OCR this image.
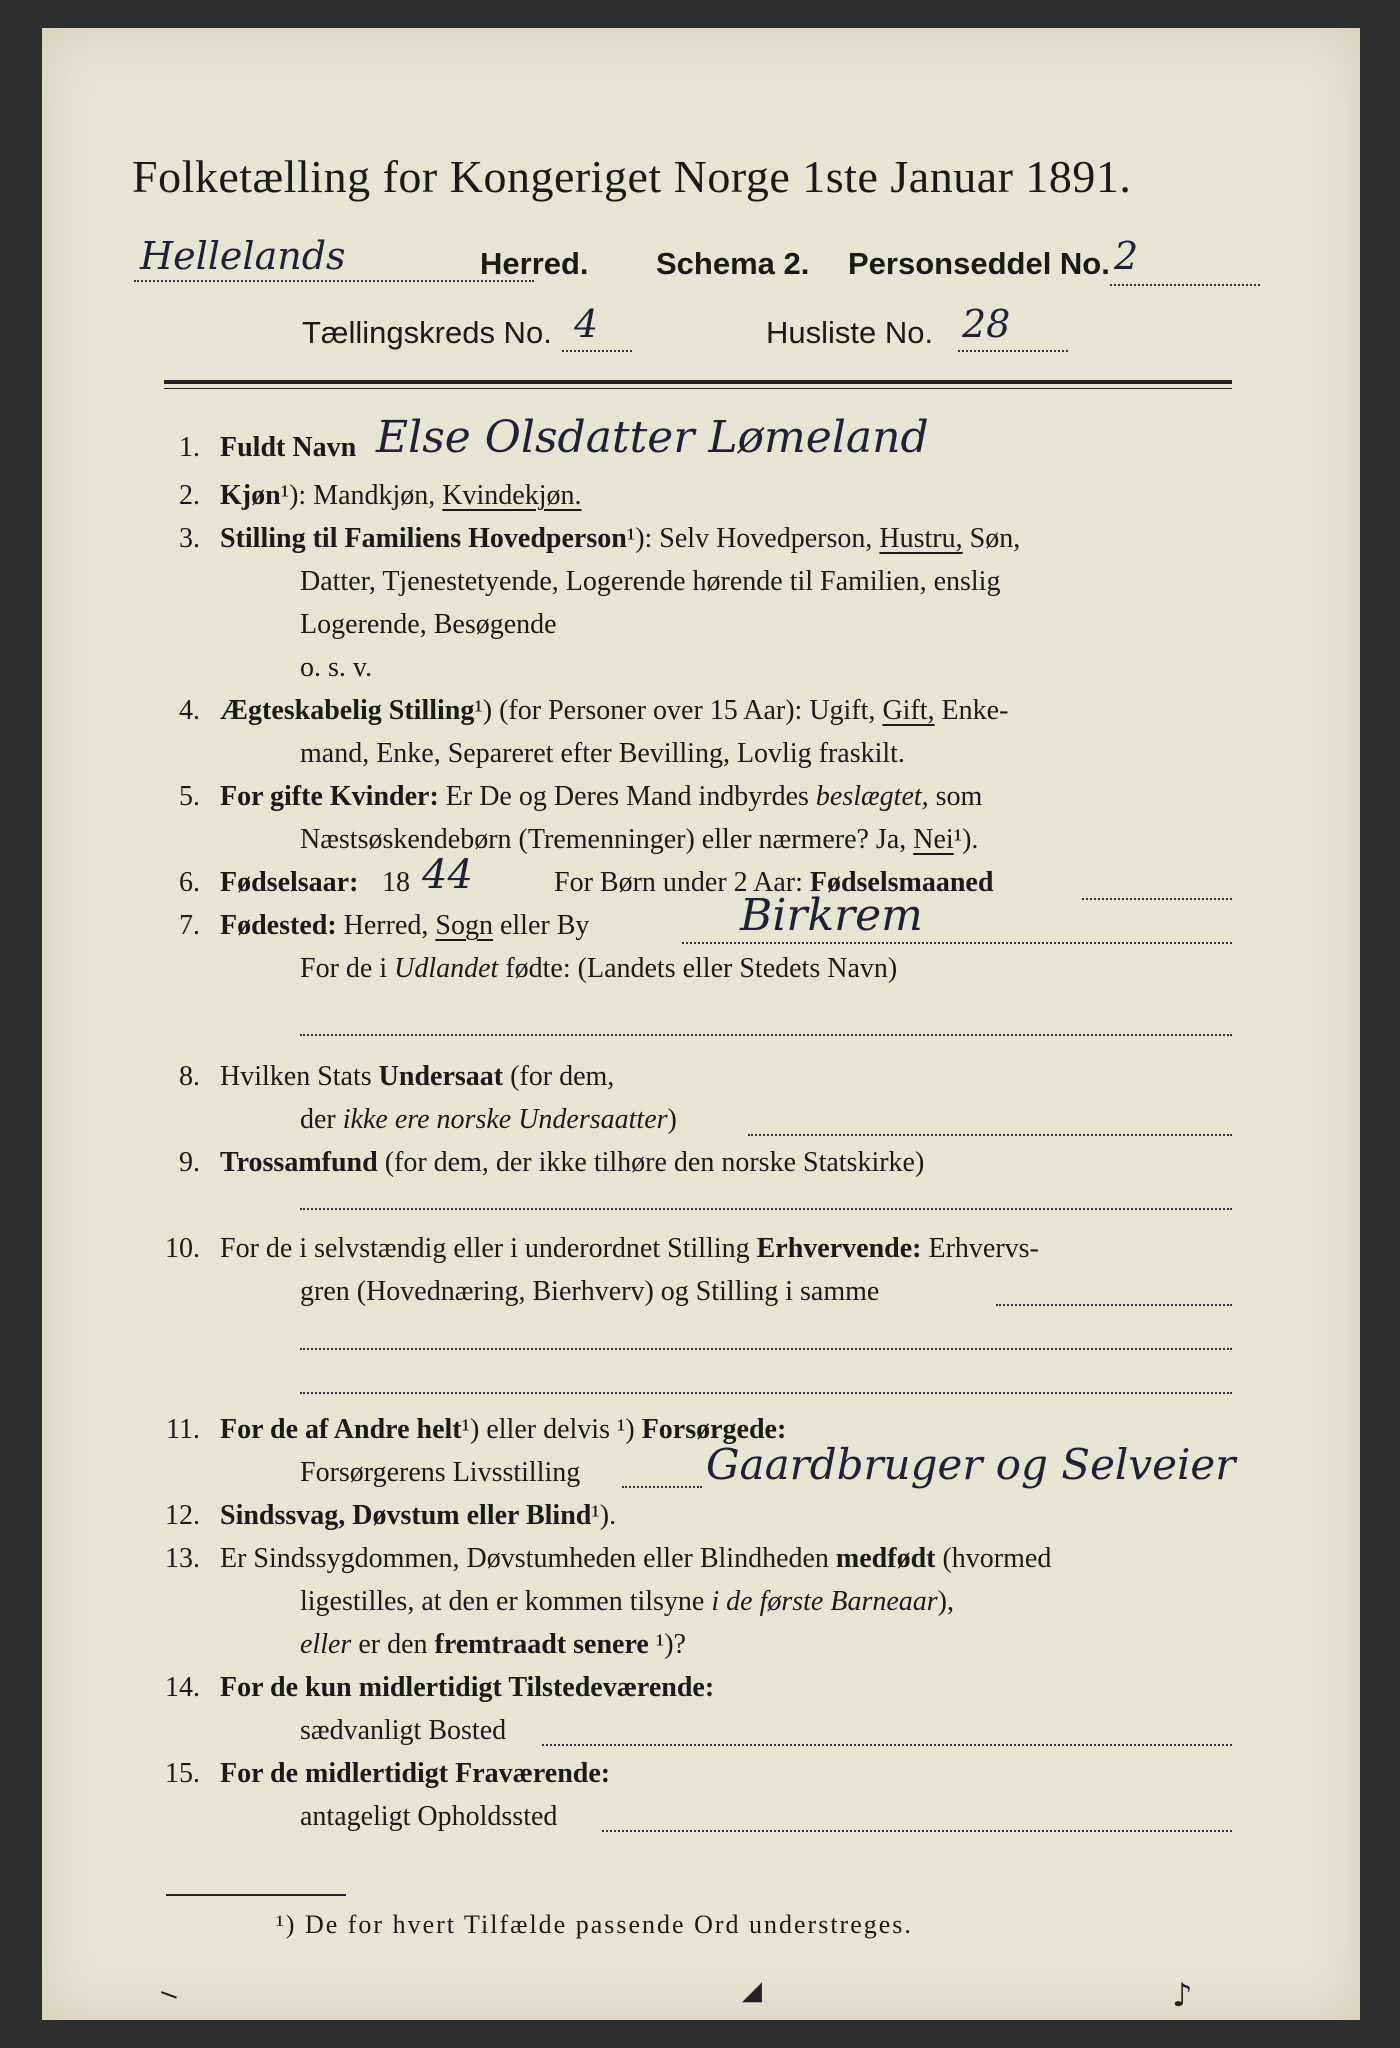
Folketælling for Kongeriget Norge 1ste Januar 1891.
Hellelands	Herred. Schema 2. Personseddel No. 2
Tællingskreds No. 4	Husliste No. 28
1. Fuldt Navn Else Olsdatter Lømeland
2. Kjøn¹): Mandkjøn, Kvindekjøn.
3. Stilling til Familiens Hovedperson¹): Selv Hovedperson, Hustru, Søn,
Datter, Tjenestetyende, Logerende hørende til Familien, enslig
Logerende, Besøgende
o. s. v.
4. Ægteskabelig Stilling¹) (for Personer over 15 Aar): Ugift, Gift, Enke-
mand, Enke, Separeret efter Bevilling, Lovlig fraskilt.
5. For gifte Kvinder: Er De og Deres Mand indbyrdes beslægtet, som
Næstsøskendebørn (Tremenninger) eller nærmere? Ja, Nei¹).
6. Fødselsaar: 18 44	For Børn under 2 Aar: Fødselsmaaned
7. Fødested: Herred, Sogn eller By	Birkrem
For de i Udlandet fødte: (Landets eller Stedets Navn)
8. Hvilken Stats Undersaat (for dem,
der ikke ere norske Undersaatter)
9. Trossamfund (for dem, der ikke tilhøre den norske Statskirke)
10. For de i selvstændig eller i underordnet Stilling Erhvervende: Erhvervs-
gren (Hovednæring, Bierhverv) og Stilling i samme
11. For de af Andre helt¹) eller delvis ¹) Forsørgede:
Forsørgerens Livsstilling	Gaardbruger og Selveier
12. Sindssvag, Døvstum eller Blind¹).
13. Er Sindssygdommen, Døvstumheden eller Blindheden medfødt (hvormed
ligestilles, at den er kommen tilsyne i de første Barneaar),
eller er den fremtraadt senere ¹)?
14. For de kun midlertidigt Tilstedeværende:
sædvanligt Bosted
15. For de midlertidigt Fraværende:
antageligt Opholdssted
¹) De for hvert Tilfælde passende Ord understreges.
−	◢	♪
